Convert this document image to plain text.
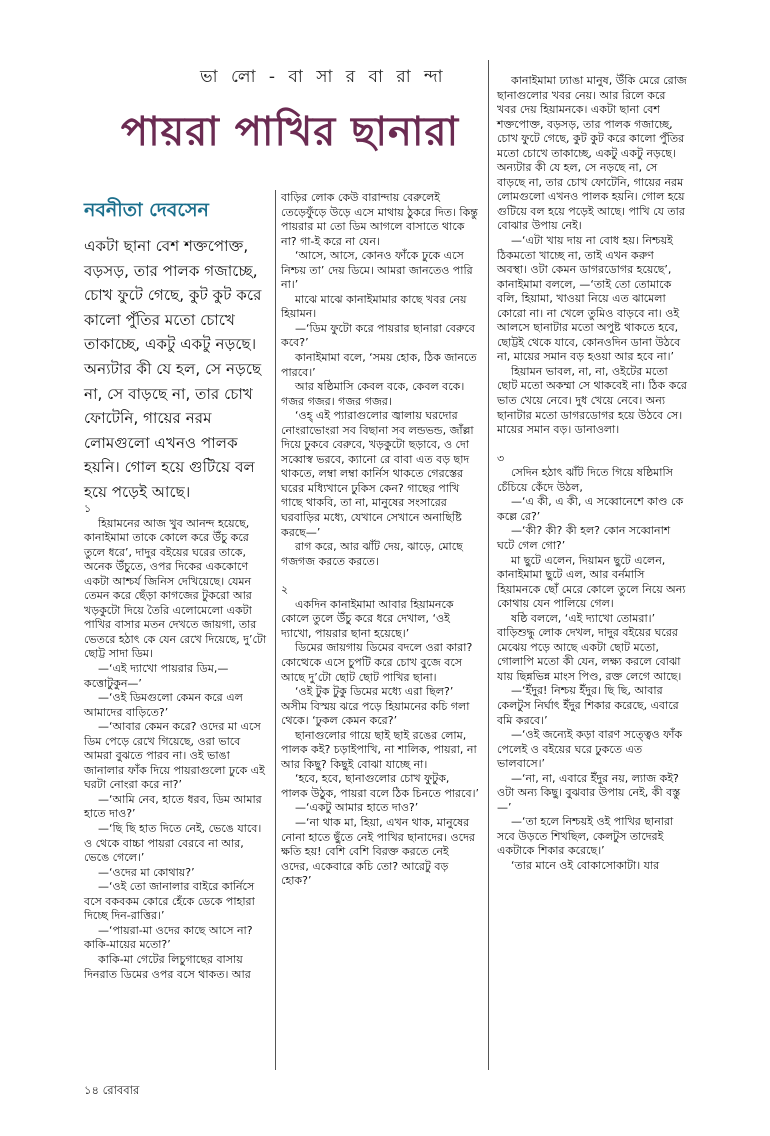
ভা লো - বা সা র বা রা ন্দা
পায়রা পাখির ছানারা
নবনীতা দেবসেন

একটা ছানা বেশ শক্তপোক্ত, বড়সড়, তার পালক গজাচ্ছে, চোখ ফুটে গেছে, কুট কুট করে কালো পুঁতির মতো চোখে তাকাচ্ছে, একটু একটু নড়ছে। অন্যটার কী যে হল, সে নড়ছে না, সে বাড়ছে না, তার চোখ ফোটেনি, গায়ের নরম লোমগুলো এখনও পালক হয়নি। গোল হয়ে গুটিয়ে বল হয়ে পড়েই আছে।

১

হিয়ামনের আজ খুব আনন্দ হয়েছে, কানাইমামা তাকে কোলে করে উঁচু করে তুলে ধরে’, দাদুর বইয়ের ঘরের তাকে, অনেক উঁচুতে, ওপর দিকের এককোণে একটা আশ্চর্য জিনিস দেখিয়েছে। যেমন তেমন করে ছেঁড়া কাগজের টুকরো আর খড়কুটো দিয়ে তৈরি এলোমেলো একটা পাখির বাসার মতন দেখতে জায়গা, তার ভেতরে হঠাৎ কে যেন রেখে দিয়েছে, দু’টো ছোট্ট সাদা ডিম।

—‘এই দ্যাখো পায়রার ডিম,—কত্তোটুকুন—’

—‘ওই ডিমগুলো কেমন করে এল আমাদের বাড়িতে?’

—‘আবার কেমন করে? ওদের মা এসে ডিম পেড়ে রেখে গিয়েছে, ওরা ভাবে আমরা বুঝতে পারব না। ওই ভাঙা জানালার ফাঁক দিয়ে পায়রাগুলো ঢুকে এই ঘরটা নোংরা করে না?’

—‘আমি নেব, হাতে ধরব, ডিম আমার হাতে দাও?’

—‘ছি ছি হাত দিতে নেই, ভেঙে যাবে। ও থেকে বাচ্চা পায়রা বেরবে না আর, ভেঙে গেলে।’

—‘ওদের মা কোথায়?’

—‘ওই তো জানালার বাইরে কার্নিসে বসে বকবকম কোরে হেঁকে ডেকে পাহারা দিচ্ছে দিন-রাত্তির।’

—‘পায়রা-মা ওদের কাছে আসে না? কাকি-মায়ের মতো?’

কাকি-মা গেটের লিচুগাছের বাসায় দিনরাত ডিমের ওপর বসে থাকত। আর

বাড়ির লোক কেউ বারান্দায় বেরুলেই তেড়েফুঁড়ে উড়ে এসে মাথায় ঠুকরে দিত। কিন্তু পায়রার মা তো ডিম আগলে বাসাতে থাকে না? গা-ই করে না যেন।

‘আসে, আসে, কোনও ফাঁকে ঢুকে এসে নিশ্চয় তা’ দেয় ডিমে। আমরা জানতেও পারি না।’

মাঝে মাঝে কানাইমামার কাছে খবর নেয় হিয়ামন।

—‘ডিম ফুটো করে পায়রার ছানারা বেরুবে কবে?’

কানাইমামা বলে, ‘সময় হোক, ঠিক জানতে পারবে।’

আর ষষ্ঠিমাসি কেবল বকে, কেবল বকে। গজর গজর। গজর গজর।

‘ওহ্‌ এই প্যারাগুলোর জ্বালায় ঘরদোর নোংরাভোংরা সব বিছানা সব লন্ডভন্ড, জাঁল্লা দিয়ে ঢুকবে বেরুবে, খড়কুটো ছড়াবে, ও দো সব্বোস্ব ভরবে, ক্যানো রে বাবা এত বড় ছাদ থাকতে, লম্বা লম্বা কার্নিস থাকতে গেরস্তের ঘরের মধ্যিখানে ঢুকিস কেন? গাছের পাখি গাছে থাকবি, তা না, মানুষের সংসারের ঘরবাড়ির মধ্যে, যেখানে সেখানে অনাছিষ্টি করছে—’

রাগ করে, আর ঝাঁট দেয়, ঝাড়ে, মোছে গজগজ করতে করতে।

২

একদিন কানাইমামা আবার হিয়ামনকে কোলে তুলে উঁচু করে ধরে দেখাল, ‘ওই দ্যাখো, পায়রার ছানা হয়েছে।’

ডিমের জায়গায় ডিমের বদলে ওরা কারা? কোত্থেকে এসে চুপটি করে চোখ বুজে বসে আছে দু’টো ছোট ছোট পাখির ছানা।

‘ওই টুক টুকু ডিমের মধ্যে এরা ছিল?’ অসীম বিস্ময় ঝরে পড়ে হিয়ামনের কচি গলা থেকে। ‘ঢুকল কেমন করে?’

ছানাগুলোর গায়ে ছাই ছাই রঙের লোম, পালক কই? চড়াইপাখি, না শালিক, পায়রা, না আর কিছু? কিছুই বোঝা যাচ্ছে না।

‘হবে, হবে, ছানাগুলোর চোখ ফুটুক, পালক উঠুক, পায়রা বলে ঠিক চিনতে পারবে।’

—‘একটু আমার হাতে দাও?’

—‘না থাক মা, হিয়া, এখন থাক, মানুষের নোনা হাতে ছুঁতে নেই পাখির ছানাদের। ওদের ক্ষতি হয়! বেশি বেশি বিরক্ত করতে নেই ওদের, একেবারে কচি তো? আরেটু বড় হোক?’

কানাইমামা ঢ্যাঙা মানুষ, উঁকি মেরে রোজ ছানাগুলোর খবর নেয়। আর রিলে করে খবর দেয় হিয়ামনকে। একটা ছানা বেশ শক্তপোক্ত, বড়সড়, তার পালক গজাচ্ছে, চোখ ফুটে গেছে, কুট কুট করে কালো পুঁতির মতো চোখে তাকাচ্ছে, একটু একটু নড়ছে। অন্যটার কী যে হল, সে নড়ছে না, সে বাড়ছে না, তার চোখ ফোটেনি, গায়ের নরম লোমগুলো এখনও পালক হয়নি। গোল হয়ে গুটিয়ে বল হয়ে পড়েই আছে। পাখি যে তার বোঝার উপায় নেই।

—‘এটা খায় দায় না বোধ হয়। নিশ্চয়ই ঠিকমতো খাচ্ছে না, তাই এখন করুণ অবস্থা। ওটা কেমন ডাগরডোগর হয়েছে’, কানাইমামা বললে, —‘তাই তো তোমাকে বলি, হিয়ামা, খাওয়া নিয়ে এত ঝামেলা কোরো না। না খেলে তুমিও বাড়বে না। ওই আলসে ছানাটার মতো অপুষ্ট থাকতে হবে, ছোট্টই থেকে যাবে, কোনওদিন ডানা উঠবে না, মায়ের সমান বড় হওয়া আর হবে না।’

হিয়ামন ভাবল, না, না, ওইটের মতো ছোট মতো অকম্মা সে থাকবেই না। ঠিক করে ভাত খেয়ে নেবে। দুধ খেয়ে নেবে। অন্য ছানাটার মতো ডাগরডোগর হয়ে উঠবে সে। মায়ের সমান বড়। ডানাওলা।

৩

সেদিন হঠাৎ ঝাঁট দিতে গিয়ে ষষ্ঠিমাসি চেঁচিয়ে কেঁদে উঠল,

—‘এ কী, এ কী, এ সব্বোনেশে কাণ্ড কে কল্লে রে?’

—‘কী? কী? কী হল? কোন সব্বোনাশ ঘটে গেল গো?’

মা ছুটে এলেন, দিয়ামন ছুটে এলেন, কানাইমামা ছুটে এল, আর বর্নমাসি হিয়ামনকে ছোঁ মেরে কোলে তুলে নিয়ে অন্য কোথায় যেন পালিয়ে গেল।

ষষ্ঠি বললে, ‘এই দ্যাখো তোমরা।’ বাড়িশুদ্ধু লোক দেখল, দাদুর বইয়ের ঘরের মেঝেয় পড়ে আছে একটা ছোট মতো, গোলাপি মতো কী যেন, লক্ষ্য করলে বোঝা যায় ছিন্নভিন্ন মাংস পিণ্ড, রক্ত লেগে আছে।

—‘ইঁদুর! নিশ্চয় ইঁদুর। ছি ছি, আবার কেলটুস নির্ঘাৎ ইঁদুর শিকার করেছে, এবারে বমি করবে।’

—‘ওই জন্যেই কড়া বারণ সত্ত্বেও ফাঁক পেলেই ও বইয়ের ঘরে ঢুকতে এত ভালবাসে।’

—‘না, না, এবারে ইঁদুর নয়, ল্যাজ কই? ওটা অন্য কিছু। বুঝবার উপায় নেই, কী বস্তু—’

—‘তা হলে নিশ্চয়ই ওই পাখির ছানারা সবে উড়তে শিখছিল, কেলটুস তাদেরই একটাকে শিকার করেছে।’

‘তার মানে ওই বোকাসোকাটা। যার

১৪ রোববার
